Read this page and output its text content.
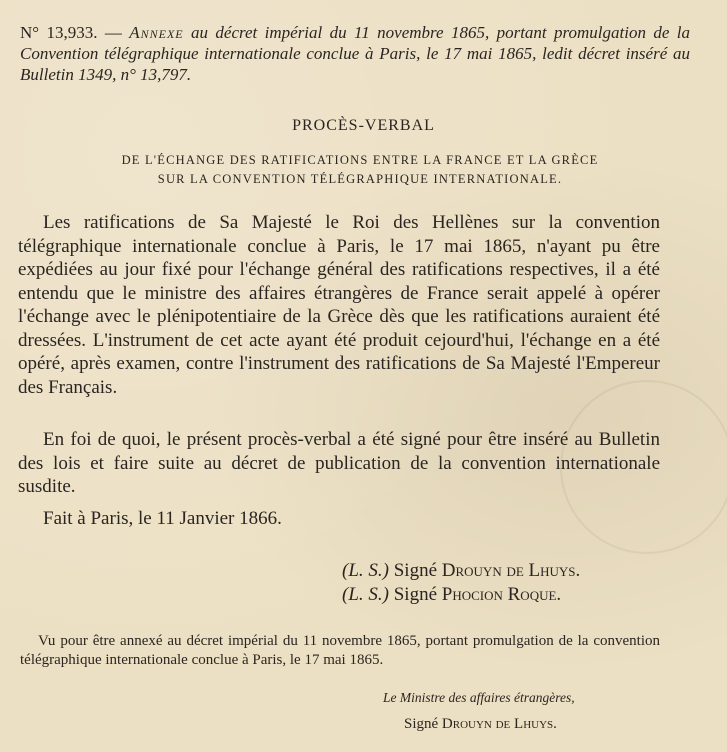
N° 13,933. — Annexe au décret impérial du 11 novembre 1865, portant promulgation de la Convention télégraphique internationale conclue à Paris, le 17 mai 1865, ledit décret inséré au Bulletin 1349, n° 13,797.
PROCÈS-VERBAL
DE L'ÉCHANGE DES RATIFICATIONS ENTRE LA FRANCE ET LA GRÈCE
SUR LA CONVENTION TÉLÉGRAPHIQUE INTERNATIONALE.
Les ratifications de Sa Majesté le Roi des Hellènes sur la convention télégraphique internationale conclue à Paris, le 17 mai 1865, n'ayant pu être expédiées au jour fixé pour l'échange général des ratifications respectives, il a été entendu que le ministre des affaires étrangères de France serait appelé à opérer l'échange avec le plénipotentiaire de la Grèce dès que les ratifications auraient été dressées. L'instrument de cet acte ayant été produit cejourd'hui, l'échange en a été opéré, après examen, contre l'instrument des ratifications de Sa Majesté l'Empereur des Français.
En foi de quoi, le présent procès-verbal a été signé pour être inséré au Bulletin des lois et faire suite au décret de publication de la convention internationale susdite.
Fait à Paris, le 11 Janvier 1866.
(L. S.) Signé Drouyn de Lhuys.
(L. S.) Signé Phocion Roque.
Vu pour être annexé au décret impérial du 11 novembre 1865, portant promulgation de la convention télégraphique internationale conclue à Paris, le 17 mai 1865.
Le Ministre des affaires étrangères,
Signé Drouyn de Lhuys.
